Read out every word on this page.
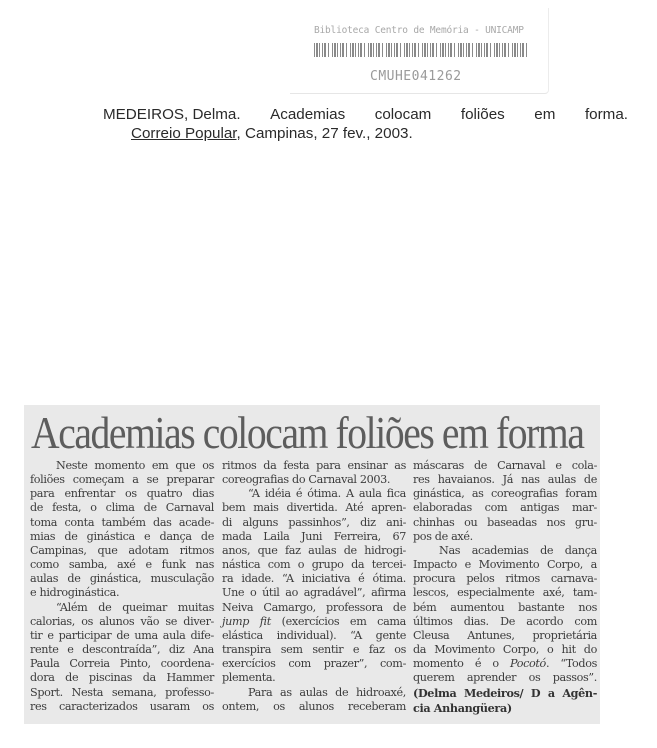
Biblioteca Centro de Memória - UNICAMP
CMUHE041262
MEDEIROS, Delma. Academias colocam foliões em forma.
Correio Popular, Campinas, 27 fev., 2003.
Academias colocam foliões em forma
Neste momento em que os
foliões começam a se preparar
para enfrentar os quatro dias
de festa, o clima de Carnaval
toma conta também das acade-
mias de ginástica e dança de
Campinas, que adotam ritmos
como samba, axé e funk nas
aulas de ginástica, musculação
e hidroginástica.
“Além de queimar muitas
calorias, os alunos vão se diver-
tir e participar de uma aula dife-
rente e descontraída”, diz Ana
Paula Correia Pinto, coordena-
dora de piscinas da Hammer
Sport. Nesta semana, professo-
res caracterizados usaram os
ritmos da festa para ensinar as
coreografias do Carnaval 2003.
“A idéia é ótima. A aula fica
bem mais divertida. Até apren-
di alguns passinhos”, diz ani-
mada Laila Juni Ferreira, 67
anos, que faz aulas de hidrogi-
nástica com o grupo da tercei-
ra idade. “A iniciativa é ótima.
Une o útil ao agradável”, afirma
Neiva Camargo, professora de
jump fit (exercícios em cama
elástica individual). “A gente
transpira sem sentir e faz os
exercícios com prazer”, com-
plementa.
Para as aulas de hidroaxé,
ontem, os alunos receberam
máscaras de Carnaval e cola-
res havaianos. Já nas aulas de
ginástica, as coreografias foram
elaboradas com antigas mar-
chinhas ou baseadas nos gru-
pos de axé.
Nas academias de dança
Impacto e Movimento Corpo, a
procura pelos ritmos carnava-
lescos, especialmente axé, tam-
bém aumentou bastante nos
últimos dias. De acordo com
Cleusa Antunes, proprietária
da Movimento Corpo, o hit do
momento é o Pocotó. “Todos
querem aprender os passos”.
(Delma Medeiros/ D a Agên-
cia Anhangüera)
